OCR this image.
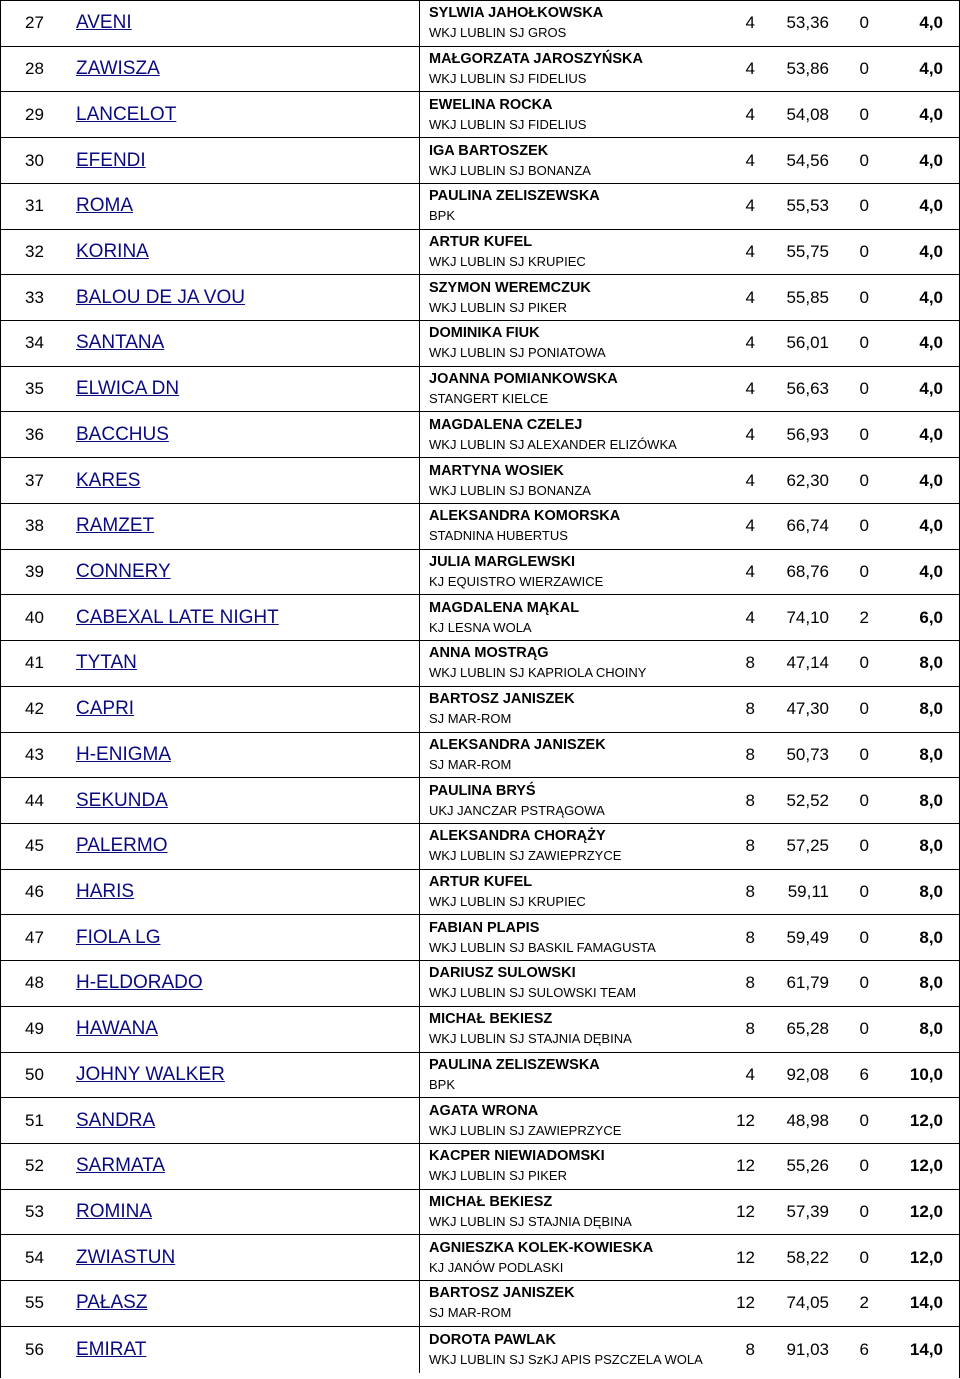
27	AVENI	SYLWIA JAHOŁKOWSKA
WKJ LUBLIN SJ GROS
4	53,36	0	4,0
28	ZAWISZA	MAŁGORZATA JAROSZYŃSKA
WKJ LUBLIN SJ FIDELIUS
4	53,86	0	4,0
29	LANCELOT	EWELINA ROCKA
WKJ LUBLIN SJ FIDELIUS
4	54,08	0	4,0
30	EFENDI	IGA BARTOSZEK
WKJ LUBLIN SJ BONANZA
4	54,56	0	4,0
31	ROMA	PAULINA ZELISZEWSKA
BPK
4	55,53	0	4,0
32	KORINA	ARTUR KUFEL
WKJ LUBLIN SJ KRUPIEC
4	55,75	0	4,0
33	BALOU DE JA VOU	SZYMON WEREMCZUK
WKJ LUBLIN SJ PIKER
4	55,85	0	4,0
34	SANTANA	DOMINIKA FIUK
WKJ LUBLIN SJ PONIATOWA
4	56,01	0	4,0
35	ELWICA DN	JOANNA POMIANKOWSKA
STANGERT KIELCE
4	56,63	0	4,0
36	BACCHUS	MAGDALENA CZELEJ
WKJ LUBLIN SJ ALEXANDER ELIZÓWKA
4	56,93	0	4,0
37	KARES	MARTYNA WOSIEK
WKJ LUBLIN SJ BONANZA
4	62,30	0	4,0
38	RAMZET	ALEKSANDRA KOMORSKA
STADNINA HUBERTUS
4	66,74	0	4,0
39	CONNERY	JULIA MARGLEWSKI
KJ EQUISTRO WIERZAWICE
4	68,76	0	4,0
40	CABEXAL LATE NIGHT	MAGDALENA MĄKAL
KJ LESNA WOLA
4	74,10	2	6,0
41	TYTAN	ANNA MOSTRĄG
WKJ LUBLIN SJ KAPRIOLA CHOINY
8	47,14	0	8,0
42	CAPRI	BARTOSZ JANISZEK
SJ MAR-ROM
8	47,30	0	8,0
43	H-ENIGMA	ALEKSANDRA JANISZEK
SJ MAR-ROM
8	50,73	0	8,0
44	SEKUNDA	PAULINA BRYŚ
UKJ JANCZAR PSTRĄGOWA
8	52,52	0	8,0
45	PALERMO	ALEKSANDRA CHORĄŻY
WKJ LUBLIN SJ ZAWIEPRZYCE
8	57,25	0	8,0
46	HARIS	ARTUR KUFEL
WKJ LUBLIN SJ KRUPIEC
8	59,11	0	8,0
47	FIOLA LG	FABIAN PLAPIS
WKJ LUBLIN SJ BASKIL FAMAGUSTA
8	59,49	0	8,0
48	H-ELDORADO	DARIUSZ SULOWSKI
WKJ LUBLIN SJ SULOWSKI TEAM
8	61,79	0	8,0
49	HAWANA	MICHAŁ BEKIESZ
WKJ LUBLIN SJ STAJNIA DĘBINA
8	65,28	0	8,0
50	JOHNY WALKER	PAULINA ZELISZEWSKA
BPK
4	92,08	6	10,0
51	SANDRA	AGATA WRONA
WKJ LUBLIN SJ ZAWIEPRZYCE
12	48,98	0	12,0
52	SARMATA	KACPER NIEWIADOMSKI
WKJ LUBLIN SJ PIKER
12	55,26	0	12,0
53	ROMINA	MICHAŁ BEKIESZ
WKJ LUBLIN SJ STAJNIA DĘBINA
12	57,39	0	12,0
54	ZWIASTUN	AGNIESZKA KOLEK-KOWIESKA
KJ JANÓW PODLASKI
12	58,22	0	12,0
55	PAŁASZ	BARTOSZ JANISZEK
SJ MAR-ROM
12	74,05	2	14,0
56	EMIRAT	DOROTA PAWLAK
WKJ LUBLIN SJ SzKJ APIS PSZCZELA WOLA
8	91,03	6	14,0
